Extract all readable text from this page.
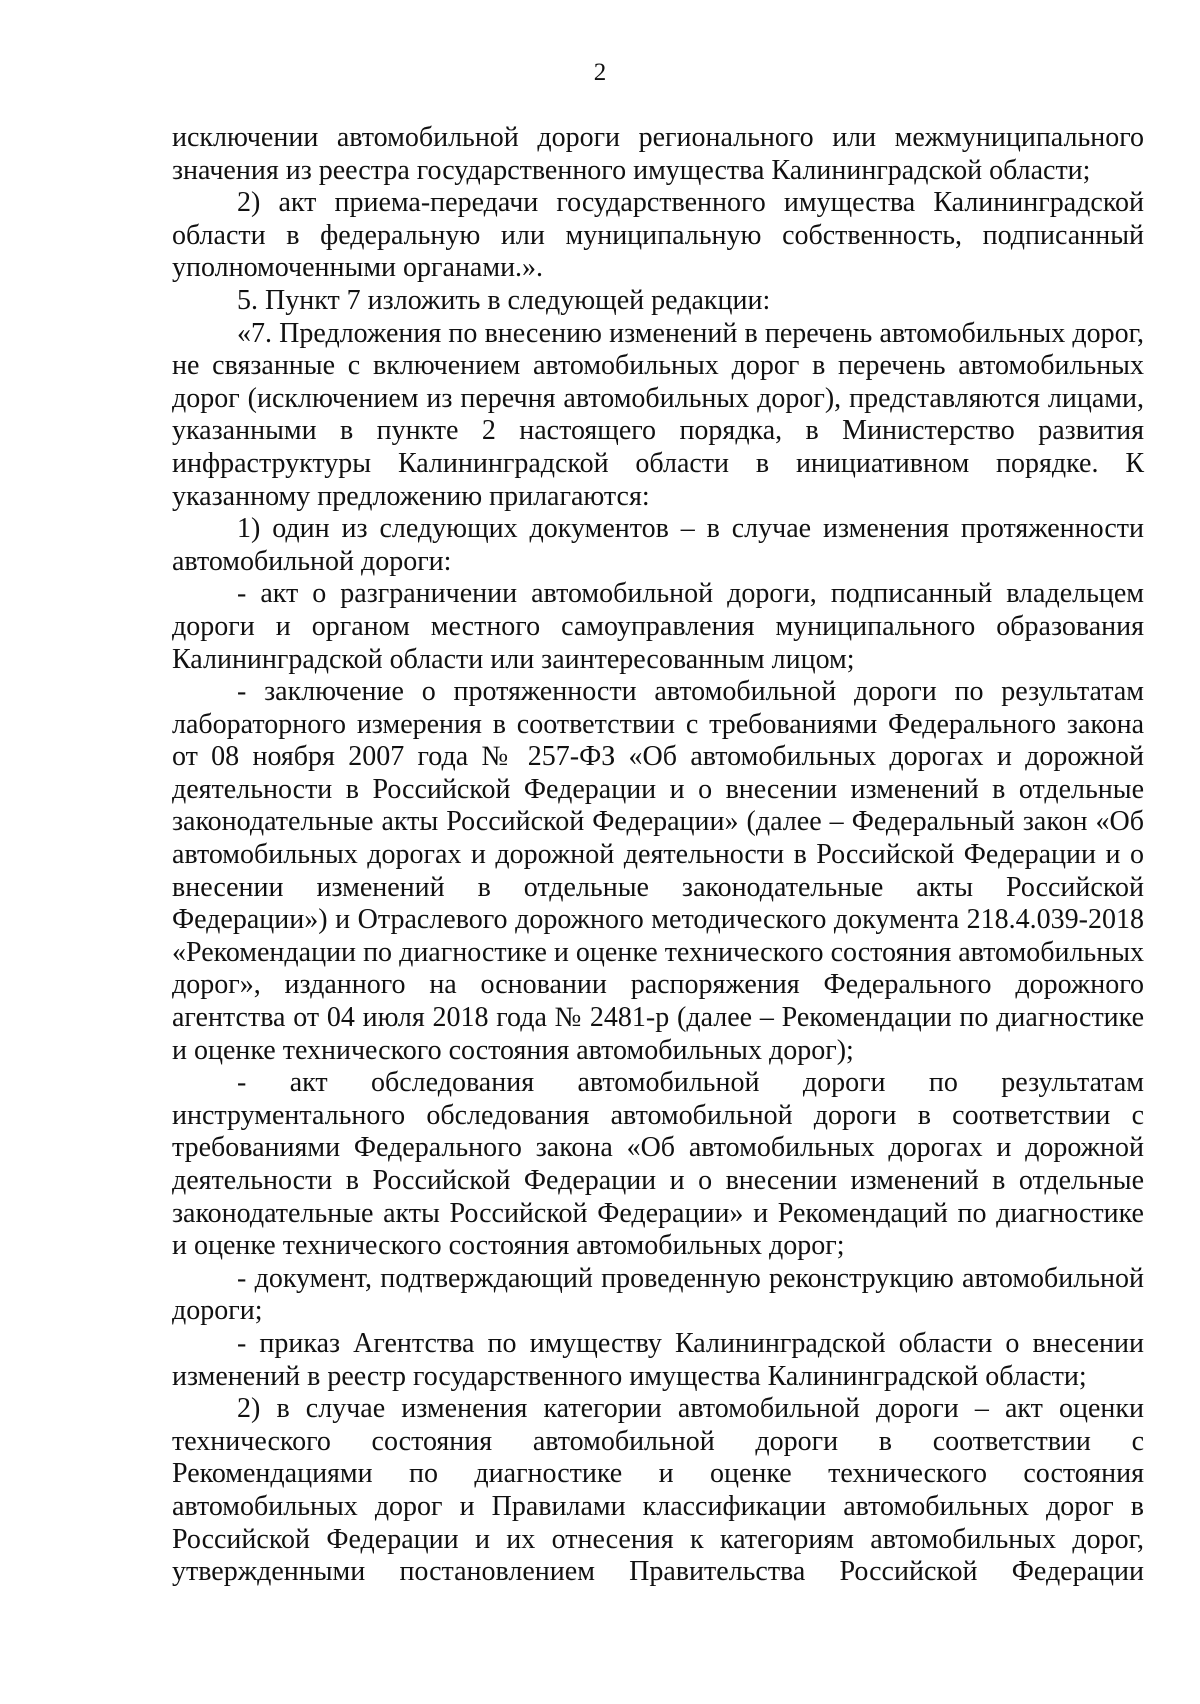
2

исключении автомобильной дороги регионального или межмуниципального значения из реестра государственного имущества Калининградской области;

2) акт приема-передачи государственного имущества Калининградской области в федеральную или муниципальную собственность, подписанный уполномоченными органами.».

5. Пункт 7 изложить в следующей редакции:

«7. Предложения по внесению изменений в перечень автомобильных дорог, не связанные с включением автомобильных дорог в перечень автомобильных дорог (исключением из перечня автомобильных дорог), представляются лицами, указанными в пункте 2 настоящего порядка, в Министерство развития инфраструктуры Калининградской области в инициативном порядке. К указанному предложению прилагаются:

1) один из следующих документов – в случае изменения протяженности автомобильной дороги:

- акт о разграничении автомобильной дороги, подписанный владельцем дороги и органом местного самоуправления муниципального образования Калининградской области или заинтересованным лицом;

- заключение о протяженности автомобильной дороги по результатам лабораторного измерения в соответствии с требованиями Федерального закона от 08 ноября 2007 года № 257-ФЗ «Об автомобильных дорогах и дорожной деятельности в Российской Федерации и о внесении изменений в отдельные законодательные акты Российской Федерации» (далее – Федеральный закон «Об автомобильных дорогах и дорожной деятельности в Российской Федерации и о внесении изменений в отдельные законодательные акты Российской Федерации») и Отраслевого дорожного методического документа 218.4.039-2018 «Рекомендации по диагностике и оценке технического состояния автомобильных дорог», изданного на основании распоряжения Федерального дорожного агентства от 04 июля 2018 года № 2481-р (далее – Рекомендации по диагностике и оценке технического состояния автомобильных дорог);

- акт обследования автомобильной дороги по результатам инструментального обследования автомобильной дороги в соответствии с требованиями Федерального закона «Об автомобильных дорогах и дорожной деятельности в Российской Федерации и о внесении изменений в отдельные законодательные акты Российской Федерации» и Рекомендаций по диагностике и оценке технического состояния автомобильных дорог;

- документ, подтверждающий проведенную реконструкцию автомобильной дороги;

- приказ Агентства по имуществу Калининградской области о внесении изменений в реестр государственного имущества Калининградской области;

2) в случае изменения категории автомобильной дороги – акт оценки технического состояния автомобильной дороги в соответствии с Рекомендациями по диагностике и оценке технического состояния автомобильных дорог и Правилами классификации автомобильных дорог в Российской Федерации и их отнесения к категориям автомобильных дорог, утвержденными постановлением Правительства Российской Федерации
